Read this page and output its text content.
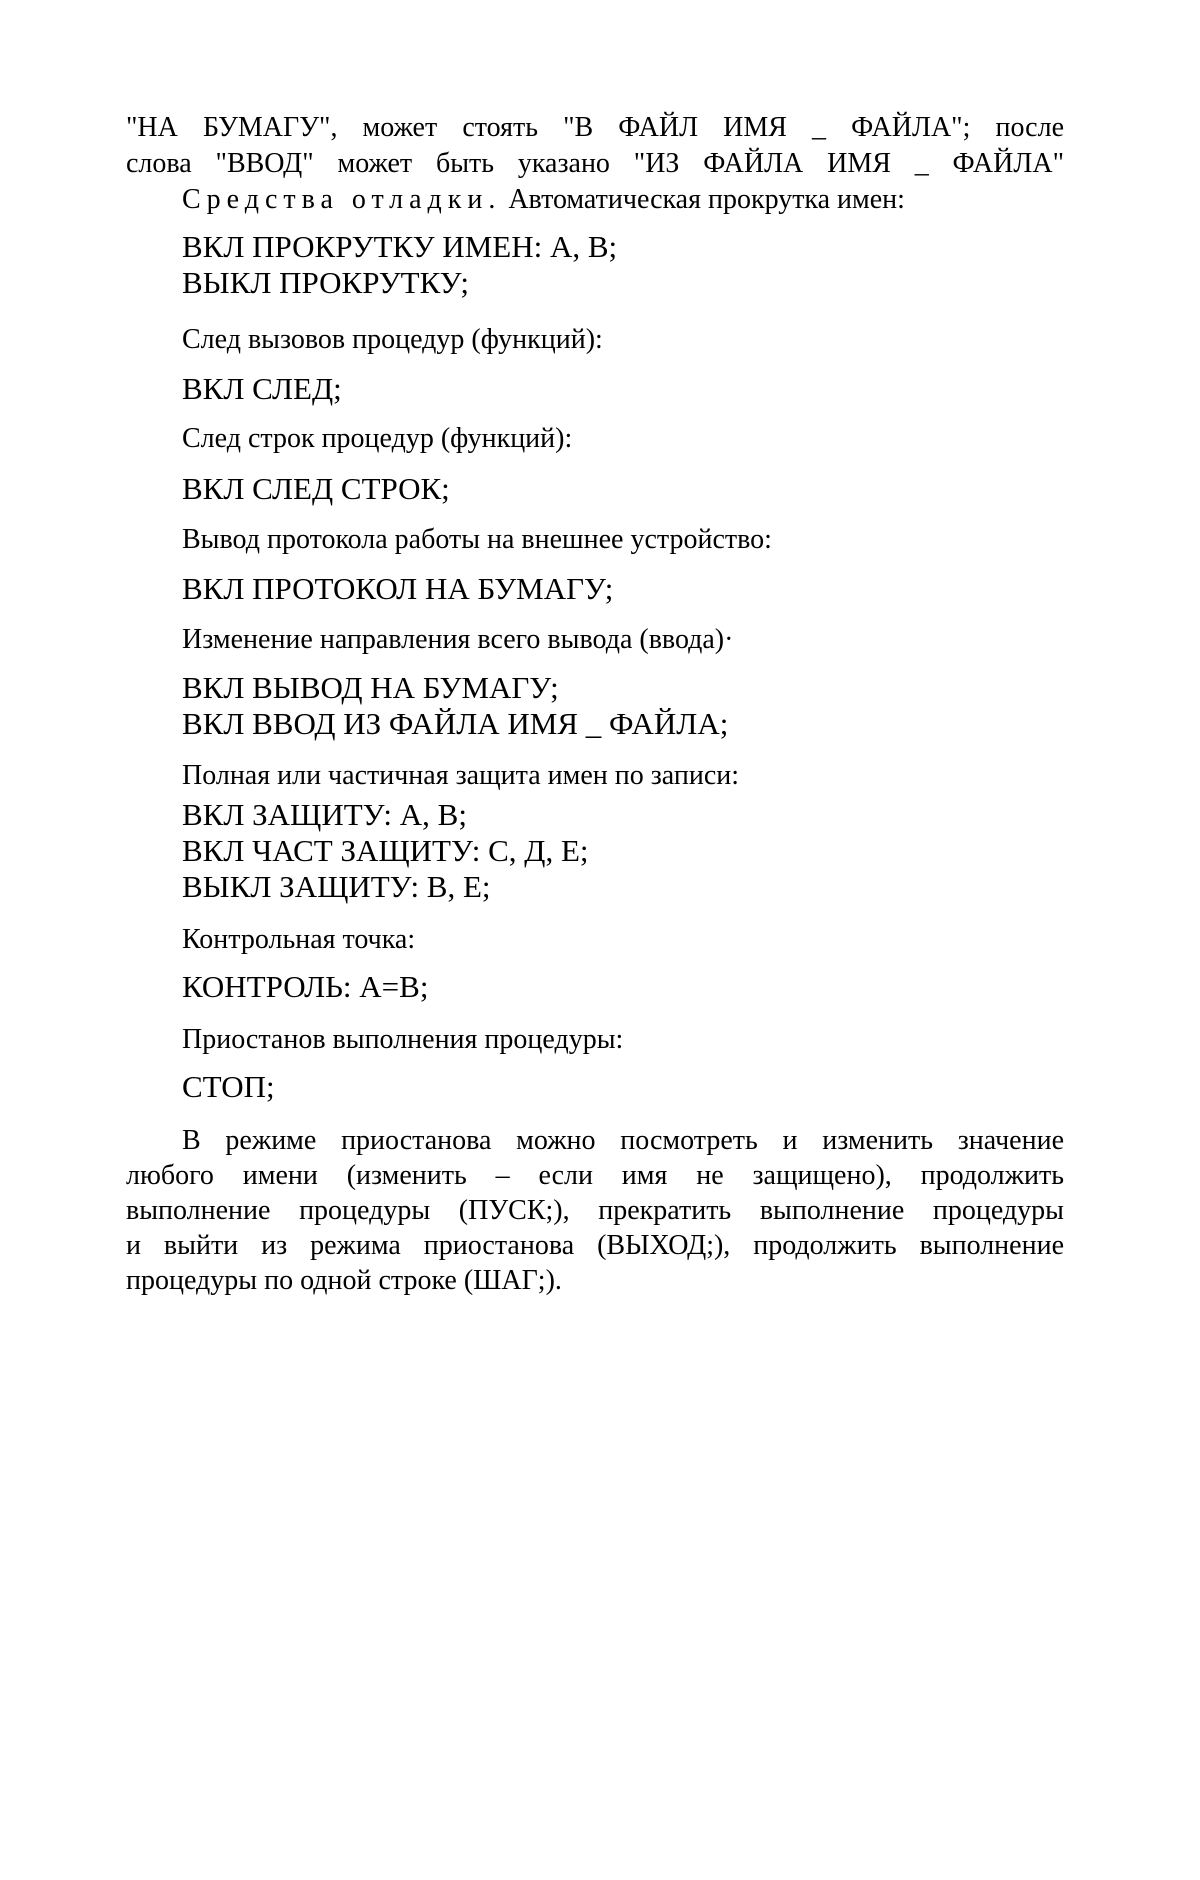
"НА БУМАГУ", может стоять "В ФАЙЛ ИМЯ _ ФАЙЛА"; после

слова "ВВОД" может быть указано "ИЗ ФАЙЛА ИМЯ _ ФАЙЛА"

Средства отладки. Автоматическая прокрутка имен:

ВКЛ ПРОКРУТКУ ИМЕН: А, В;

ВЫКЛ ПРОКРУТКУ;

След вызовов процедур (функций):

ВКЛ СЛЕД;

След строк процедур (функций):

ВКЛ СЛЕД СТРОК;

Вывод протокола работы на внешнее устройство:

ВКЛ ПРОТОКОЛ НА БУМАГУ;

Изменение направления всего вывода (ввода)·

ВКЛ ВЫВОД НА БУМАГУ;

ВКЛ ВВОД ИЗ ФАЙЛА ИМЯ _ ФАЙЛА;

Полная или частичная защита имен по записи:

ВКЛ ЗАЩИТУ: А, В;

ВКЛ ЧАСТ ЗАЩИТУ: С, Д, Е;

ВЫКЛ ЗАЩИТУ: В, Е;

Контрольная точка:

КОНТРОЛЬ: А=В;

Приостанов выполнения процедуры:

СТОП;

В режиме приостанова можно посмотреть и изменить значение

любого имени (изменить – если имя не защищено), продолжить

выполнение процедуры (ПУСК;), прекратить выполнение процедуры

и выйти из режима приостанова (ВЫХОД;), продолжить выполнение

процедуры по одной строке (ШАГ;).
